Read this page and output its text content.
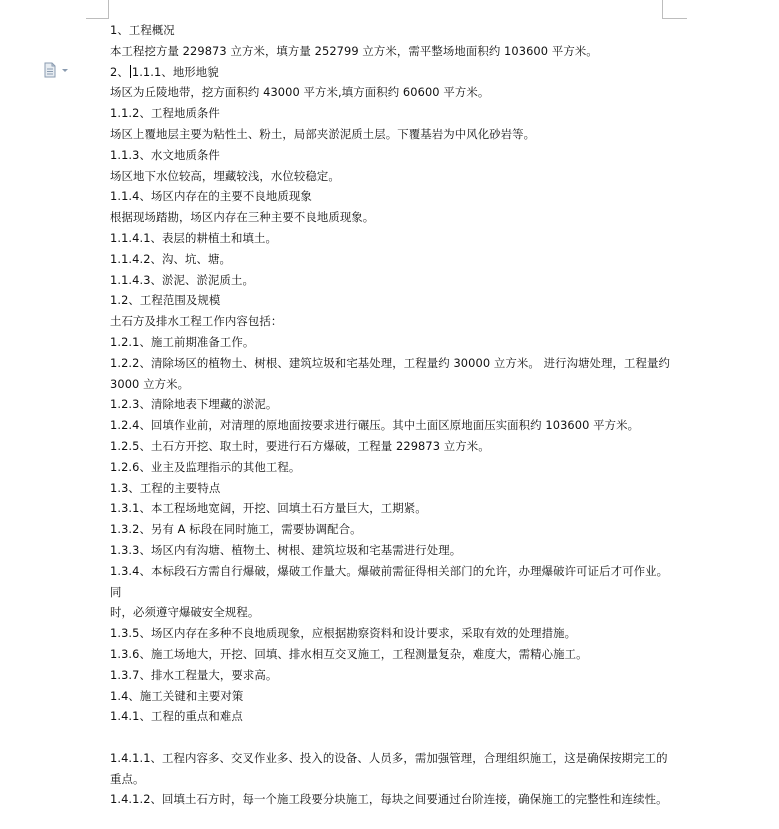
1、工程概况
本工程挖方量 229873 立方米，填方量 252799 立方米，需平整场地面积约 103600 平方米。
2、 1.1.1、地形地貌
场区为丘陵地带，挖方面积约 43000 平方米,填方面积约 60600 平方米。
1.1.2、工程地质条件
场区上覆地层主要为粘性土、粉土，局部夹淤泥质土层。下覆基岩为中风化砂岩等。
1.1.3、水文地质条件
场区地下水位较高，埋藏较浅，水位较稳定。
1.1.4、场区内存在的主要不良地质现象
根据现场踏勘，场区内存在三种主要不良地质现象。
1.1.4.1、表层的耕植土和填土。
1.1.4.2、沟、坑、塘。
1.1.4.3、淤泥、淤泥质土。
1.2、工程范围及规模
土石方及排水工程工作内容包括：
1.2.1、施工前期准备工作。
1.2.2、清除场区的植物土、树根、建筑垃圾和宅基处理，工程量约 30000 立方米。 进行沟塘处理，工程量约 3000 立方米。
1.2.3、清除地表下埋藏的淤泥。
1.2.4、回填作业前，对清理的原地面按要求进行碾压。其中土面区原地面压实面积约 103600 平方米。
1.2.5、土石方开挖、取土时，要进行石方爆破，工程量 229873 立方米。
1.2.6、业主及监理指示的其他工程。
1.3、工程的主要特点
1.3.1、本工程场地宽阔，开挖、回填土石方量巨大，工期紧。
1.3.2、另有 A 标段在同时施工，需要协调配合。
1.3.3、场区内有沟塘、植物土、树根、建筑垃圾和宅基需进行处理。
1.3.4、本标段石方需自行爆破，爆破工作量大。爆破前需征得相关部门的允许，办理爆破许可证后才可作业。同
时，必须遵守爆破安全规程。
1.3.5、场区内存在多种不良地质现象，应根据勘察资料和设计要求，采取有效的处理措施。
1.3.6、施工场地大，开挖、回填、排水相互交叉施工，工程测量复杂，难度大，需精心施工。
1.3.7、排水工程量大，要求高。
1.4、施工关键和主要对策
1.4.1、工程的重点和难点
1.4.1.1、工程内容多、交叉作业多、投入的设备、人员多，需加强管理，合理组织施工，这是确保按期完工的重点。
1.4.1.2、回填土石方时，每一个施工段要分块施工，每块之间要通过台阶连接，确保施工的完整性和连续性。
